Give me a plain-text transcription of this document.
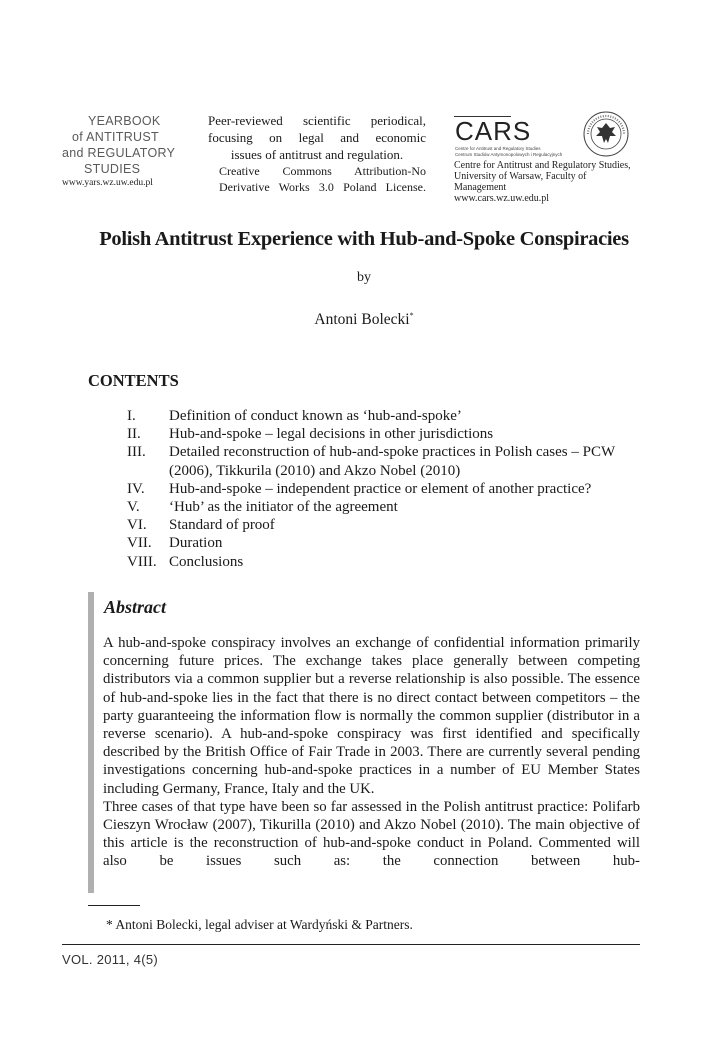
YEARBOOK
of ANTITRUST
and REGULATORY
STUDIES
www.yars.wz.uw.edu.pl
Peer-reviewed scientific periodical,
focusing on legal and economic
issues of antitrust and regulation.
Creative Commons Attribution-No
Derivative Works 3.0 Poland License.
CARS
Centre for Antitrust and Regulatory Studies
Centrum Studiów Antymonopolowych i Regulacyjnych
Centre for Antitrust and Regulatory Studies,
University of Warsaw, Faculty of Management
www.cars.wz.uw.edu.pl
Polish Antitrust Experience with Hub-and-Spoke Conspiracies
by
Antoni Bolecki*
CONTENTS
I.	Definition of conduct known as ‘hub-and-spoke’
II.	Hub-and-spoke – legal decisions in other jurisdictions
III.	Detailed reconstruction of hub-and-spoke practices in Polish cases – PCW (2006), Tikkurila (2010) and Akzo Nobel (2010)
IV.	Hub-and-spoke – independent practice or element of another practice?
V.	‘Hub’ as the initiator of the agreement
VI.	Standard of proof
VII.	Duration
VIII. Conclusions
Abstract

A hub-and-spoke conspiracy involves an exchange of confidential information primarily concerning future prices. The exchange takes place generally between competing distributors via a common supplier but a reverse relationship is also possible. The essence of hub-and-spoke lies in the fact that there is no direct contact between competitors – the party guaranteeing the information flow is normally the common supplier (distributor in a reverse scenario). A hub-and-spoke conspiracy was first identified and specifically described by the British Office of Fair Trade in 2003. There are currently several pending investigations concerning hub-and-spoke practices in a number of EU Member States including Germany, France, Italy and the UK.

Three cases of that type have been so far assessed in the Polish antitrust practice: Polifarb Cieszyn Wrocław (2007), Tikurilla (2010) and Akzo Nobel (2010). The main objective of this article is the reconstruction of hub-and-spoke conduct in Poland. Commented will also be issues such as: the connection between hub-

* Antoni Bolecki, legal adviser at Wardyński & Partners.
VOL. 2011, 4(5)
